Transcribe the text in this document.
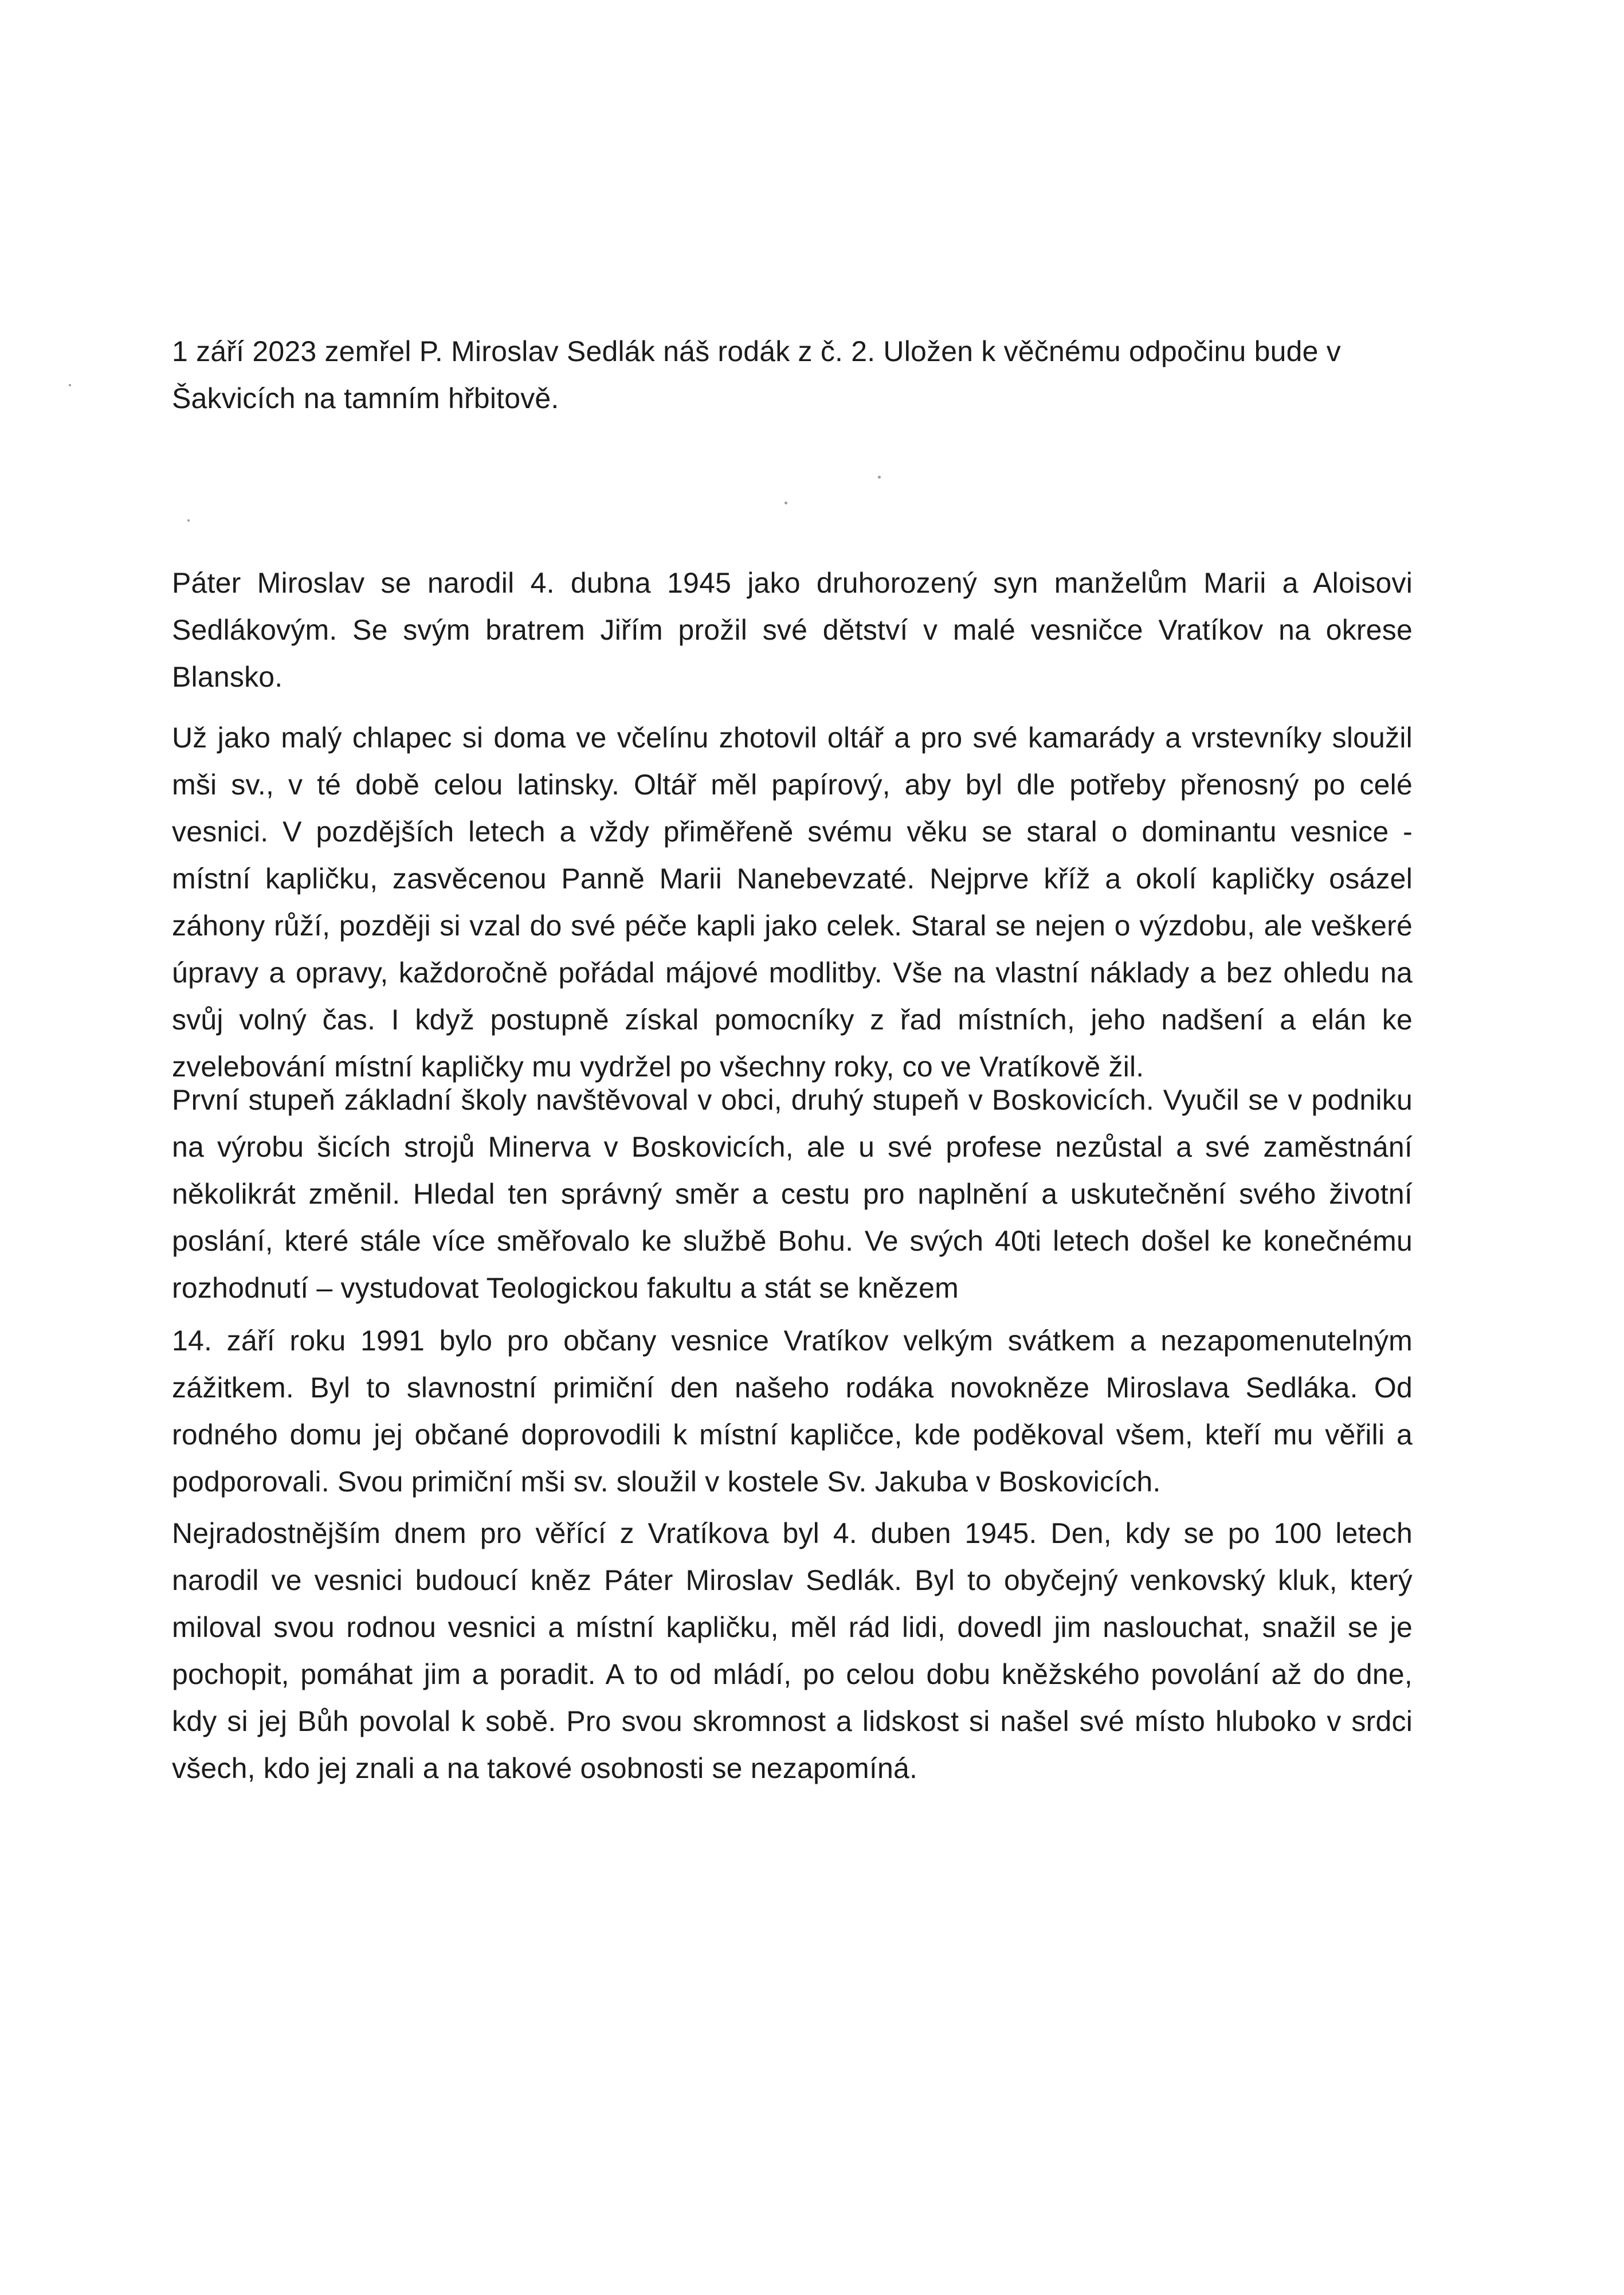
1 září 2023 zemřel P. Miroslav Sedlák náš rodák z č. 2. Uložen k věčnému odpočinu bude v Šakvicích na tamním hřbitově.

Páter Miroslav se narodil 4. dubna 1945 jako druhorozený syn manželům Marii a Aloisovi Sedlákovým. Se svým bratrem Jiřím prožil své dětství v malé vesničce Vratíkov na okrese Blansko.

Už jako malý chlapec si doma ve včelínu zhotovil oltář a pro své kamarády a vrstevníky sloužil mši sv., v té době celou latinsky. Oltář měl papírový, aby byl dle potřeby přenosný po celé vesnici. V pozdějších letech a vždy přiměřeně svému věku se staral o dominantu vesnice - místní kapličku, zasvěcenou Panně Marii Nanebevzaté. Nejprve kříž a okolí kapličky osázel záhony růží, později si vzal do své péče kapli jako celek. Staral se nejen o výzdobu, ale veškeré úpravy a opravy, každoročně pořádal májové modlitby. Vše na vlastní náklady a bez ohledu na svůj volný čas. I když postupně získal pomocníky z řad místních, jeho nadšení a elán ke zvelebování místní kapličky mu vydržel po všechny roky, co ve Vratíkově žil.

První stupeň základní školy navštěvoval v obci, druhý stupeň v Boskovicích. Vyučil se v podniku na výrobu šicích strojů Minerva v Boskovicích, ale u své profese nezůstal a své zaměstnání několikrát změnil. Hledal ten správný směr a cestu pro naplnění a uskutečnění svého životní poslání, které stále více směřovalo ke službě Bohu. Ve svých 40ti letech došel ke konečnému rozhodnutí – vystudovat Teologickou fakultu a stát se knězem

14. září roku 1991 bylo pro občany vesnice Vratíkov velkým svátkem a nezapomenutelným zážitkem. Byl to slavnostní primiční den našeho rodáka novokněze Miroslava Sedláka. Od rodného domu jej občané doprovodili k místní kapličce, kde poděkoval všem, kteří mu věřili a podporovali. Svou primiční mši sv. sloužil v kostele Sv. Jakuba v Boskovicích.

Nejradostnějším dnem pro věřící z Vratíkova byl 4. duben 1945. Den, kdy se po 100 letech narodil ve vesnici budoucí kněz Páter Miroslav Sedlák. Byl to obyčejný venkovský kluk, který miloval svou rodnou vesnici a místní kapličku, měl rád lidi, dovedl jim naslouchat, snažil se je pochopit, pomáhat jim a poradit. A to od mládí, po celou dobu kněžského povolání až do dne, kdy si jej Bůh povolal k sobě. Pro svou skromnost a lidskost si našel své místo hluboko v srdci všech, kdo jej znali a na takové osobnosti se nezapomíná.
